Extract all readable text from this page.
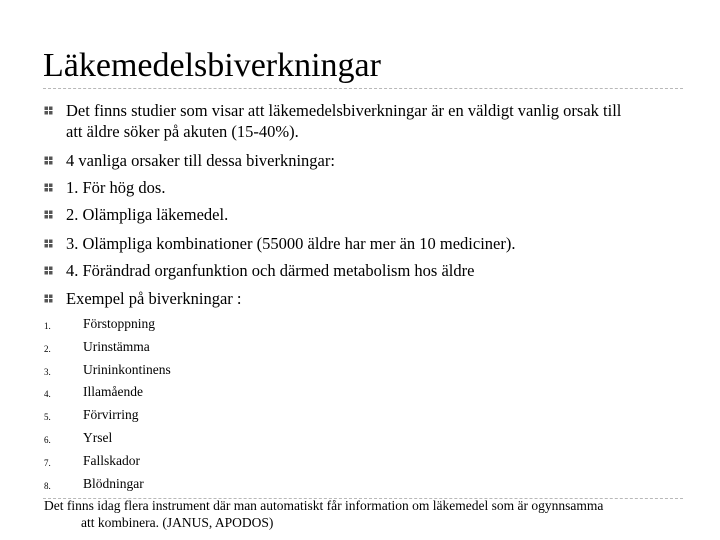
Läkemedelsbiverkningar
Det finns studier som visar att läkemedelsbiverkningar är en väldigt vanlig orsak till
att äldre söker på akuten (15-40%).
4 vanliga orsaker till dessa biverkningar:
1. För hög dos.
2. Olämpliga läkemedel.
3. Olämpliga kombinationer (55000 äldre har mer än 10 mediciner).
4. Förändrad organfunktion och därmed metabolism hos äldre
Exempel på biverkningar :
1. Förstoppning
2. Urinstämma
3. Urininkontinens
4. Illamående
5. Förvirring
6. Yrsel
7. Fallskador
8. Blödningar
Det finns idag flera instrument där man automatiskt får information om läkemedel som är ogynnsamma
att kombinera. (JANUS, APODOS)
